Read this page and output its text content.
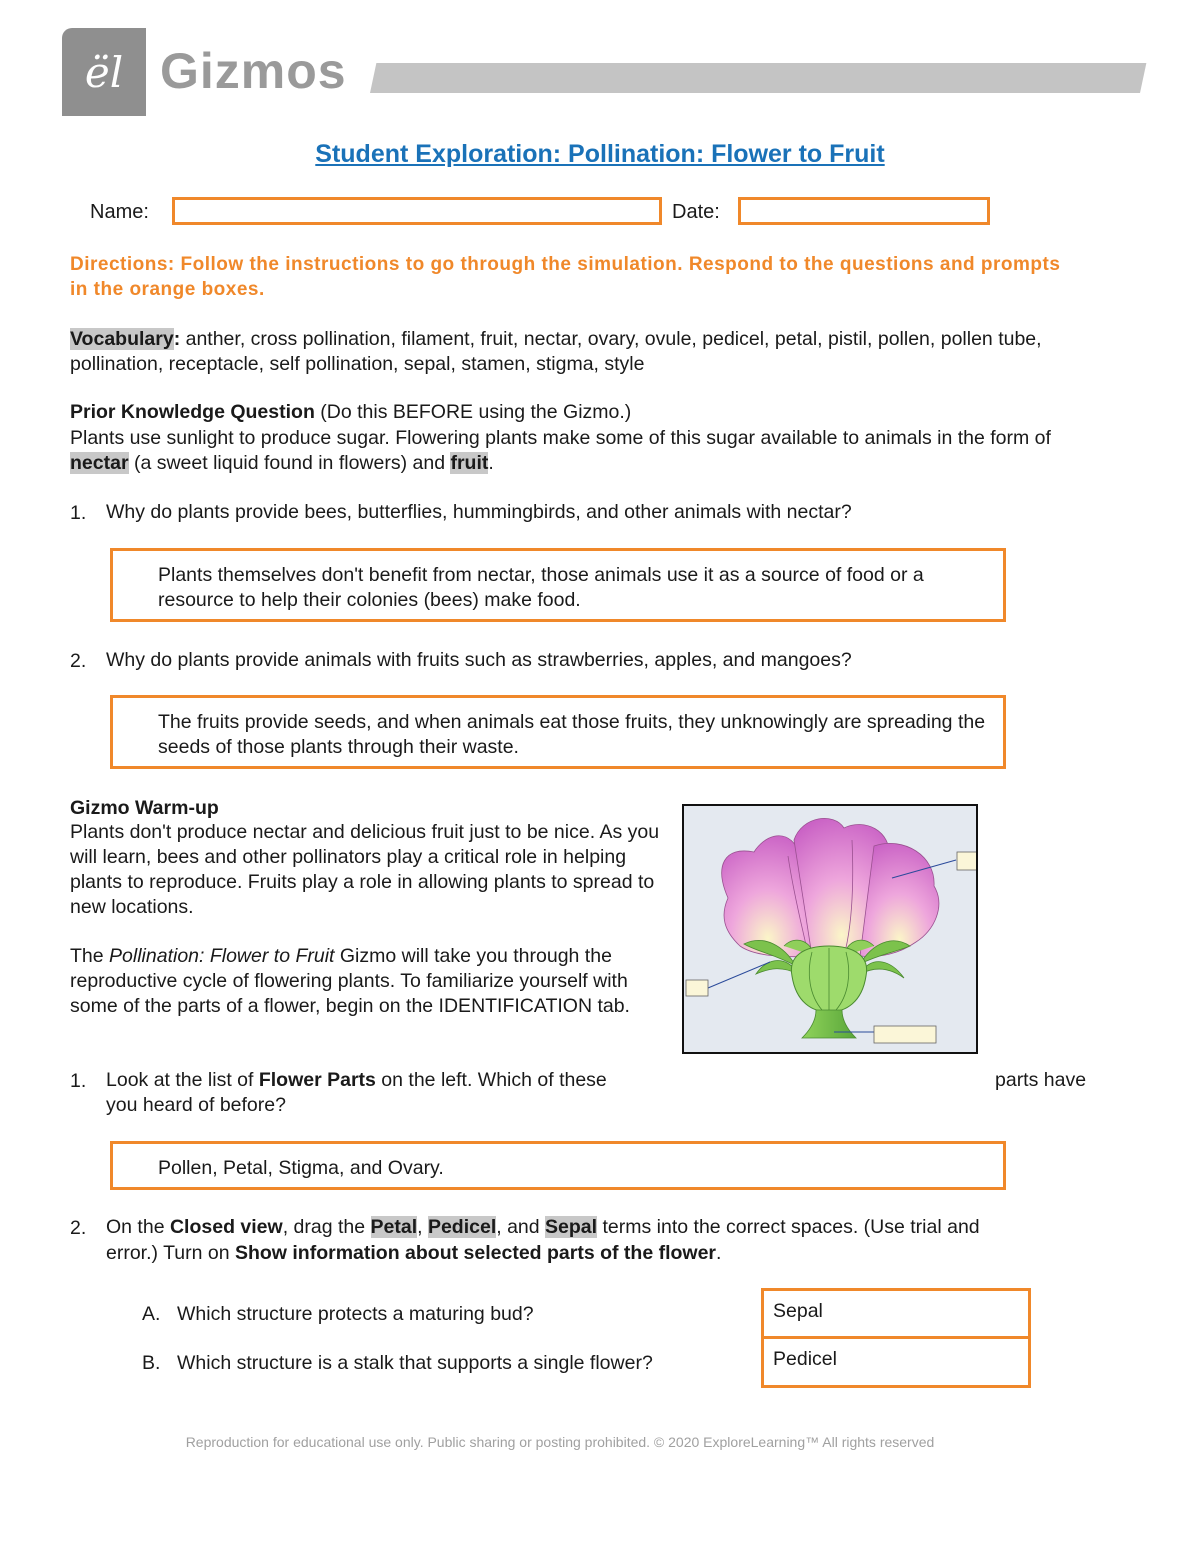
ël Gizmos
Student Exploration: Pollination: Flower to Fruit
Name:	Date:
Directions: Follow the instructions to go through the simulation. Respond to the questions and prompts in the orange boxes.
Vocabulary: anther, cross pollination, filament, fruit, nectar, ovary, ovule, pedicel, petal, pistil, pollen, pollen tube, pollination, receptacle, self pollination, sepal, stamen, stigma, style
Prior Knowledge Question (Do this BEFORE using the Gizmo.)
Plants use sunlight to produce sugar. Flowering plants make some of this sugar available to animals in the form of nectar (a sweet liquid found in flowers) and fruit.
1. Why do plants provide bees, butterflies, hummingbirds, and other animals with nectar?
Plants themselves don't benefit from nectar, those animals use it as a source of food or a resource to help their colonies (bees) make food.
2. Why do plants provide animals with fruits such as strawberries, apples, and mangoes?
The fruits provide seeds, and when animals eat those fruits, they unknowingly are spreading the seeds of those plants through their waste.
Gizmo Warm-up
Plants don't produce nectar and delicious fruit just to be nice. As you will learn, bees and other pollinators play a critical role in helping plants to reproduce. Fruits play a role in allowing plants to spread to new locations.
The Pollination: Flower to Fruit Gizmo will take you through the reproductive cycle of flowering plants. To familiarize yourself with some of the parts of a flower, begin on the IDENTIFICATION tab.
1. Look at the list of Flower Parts on the left. Which of these	parts have
you heard of before?
Pollen, Petal, Stigma, and Ovary.
2. On the Closed view, drag the Petal, Pedicel, and Sepal terms into the correct spaces. (Use trial and
error.) Turn on Show information about selected parts of the flower.
A. Which structure protects a maturing bud?	Sepal
B. Which structure is a stalk that supports a single flower?	Pedicel
Reproduction for educational use only. Public sharing or posting prohibited. © 2020 ExploreLearning™ All rights reserved
